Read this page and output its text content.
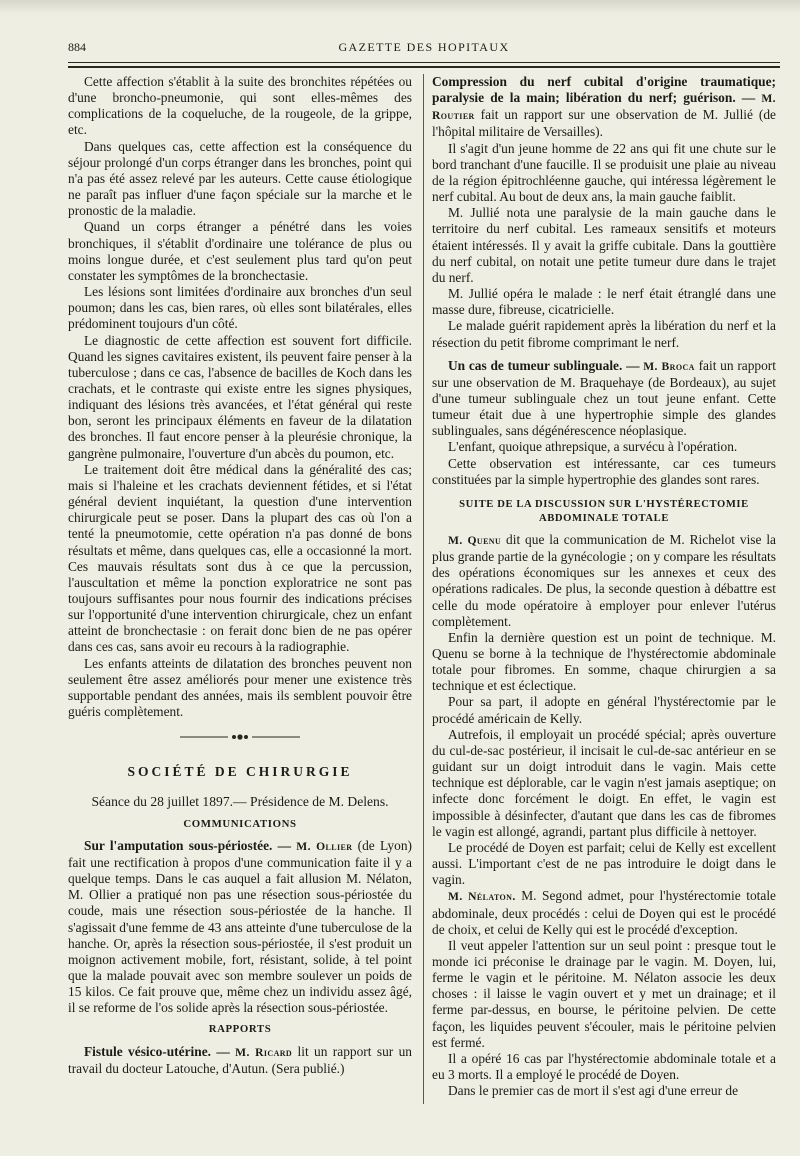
884	GAZETTE DES HOPITAUX

Cette affection s'établit à la suite des bronchites répétées ou d'une broncho-pneumonie, qui sont elles-mêmes des complications de la coqueluche, de la rougeole, de la grippe, etc.

Dans quelques cas, cette affection est la conséquence du séjour prolongé d'un corps étranger dans les bronches, point qui n'a pas été assez relevé par les auteurs. Cette cause étiologique ne paraît pas influer d'une façon spéciale sur la marche et le pronostic de la maladie.

Quand un corps étranger a pénétré dans les voies bronchiques, il s'établit d'ordinaire une tolérance de plus ou moins longue durée, et c'est seulement plus tard qu'on peut constater les symptômes de la bronchectasie.

Les lésions sont limitées d'ordinaire aux bronches d'un seul poumon; dans les cas, bien rares, où elles sont bilatérales, elles prédominent toujours d'un côté.

Le diagnostic de cette affection est souvent fort difficile. Quand les signes cavitaires existent, ils peuvent faire penser à la tuberculose ; dans ce cas, l'absence de bacilles de Koch dans les crachats, et le contraste qui existe entre les signes physiques, indiquant des lésions très avancées, et l'état général qui reste bon, seront les principaux éléments en faveur de la dilatation des bronches. Il faut encore penser à la pleurésie chronique, la gangrène pulmonaire, l'ouverture d'un abcès du poumon, etc.

Le traitement doit être médical dans la généralité des cas; mais si l'haleine et les crachats deviennent fétides, et si l'état général devient inquiétant, la question d'une intervention chirurgicale peut se poser. Dans la plupart des cas où l'on a tenté la pneumotomie, cette opération n'a pas donné de bons résultats et même, dans quelques cas, elle a occasionné la mort. Ces mauvais résultats sont dus à ce que la percussion, l'auscultation et même la ponction exploratrice ne sont pas toujours suffisantes pour nous fournir des indications précises sur l'opportunité d'une intervention chirurgicale, chez un enfant atteint de bronchectasie : on ferait donc bien de ne pas opérer dans ces cas, sans avoir eu recours à la radiographie.

Les enfants atteints de dilatation des bronches peuvent non seulement être assez améliorés pour mener une existence très supportable pendant des années, mais ils semblent pouvoir être guéris complètement.

SOCIÉTÉ DE CHIRURGIE

Séance du 28 juillet 1897.— Présidence de M. Delens.

COMMUNICATIONS

Sur l'amputation sous-périostée. — M. Ollier (de Lyon) fait une rectification à propos d'une communication faite il y a quelque temps. Dans le cas auquel a fait allusion M. Nélaton, M. Ollier a pratiqué non pas une résection sous-périostée du coude, mais une résection sous-périostée de la hanche. Il s'agissait d'une femme de 43 ans atteinte d'une tuberculose de la hanche. Or, après la résection sous-périostée, il s'est produit un moignon activement mobile, fort, résistant, solide, à tel point que la malade pouvait avec son membre soulever un poids de 15 kilos. Ce fait prouve que, même chez un individu assez âgé, il se reforme de l'os solide après la résection sous-périostée.

RAPPORTS

Fistule vésico-utérine. — M. Ricard lit un rapport sur un travail du docteur Latouche, d'Autun. (Sera publié.)

Compression du nerf cubital d'origine traumatique; paralysie de la main; libération du nerf; guérison. — M. Routier fait un rapport sur une observation de M. Jullié (de l'hôpital militaire de Versailles).

Il s'agit d'un jeune homme de 22 ans qui fit une chute sur le bord tranchant d'une faucille. Il se produisit une plaie au niveau de la région épitrochléenne gauche, qui intéressa légèrement le nerf cubital. Au bout de deux ans, la main gauche faiblit.

M. Jullié nota une paralysie de la main gauche dans le territoire du nerf cubital. Les rameaux sensitifs et moteurs étaient intéressés. Il y avait la griffe cubitale. Dans la gouttière du nerf cubital, on notait une petite tumeur dure dans le trajet du nerf.

M. Jullié opéra le malade : le nerf était étranglé dans une masse dure, fibreuse, cicatricielle.

Le malade guérit rapidement après la libération du nerf et la résection du petit fibrome comprimant le nerf.

Un cas de tumeur sublinguale. — M. Broca fait un rapport sur une observation de M. Braquehaye (de Bordeaux), au sujet d'une tumeur sublinguale chez un tout jeune enfant. Cette tumeur était due à une hypertrophie simple des glandes sublinguales, sans dégénérescence néoplasique.

L'enfant, quoique athrepsique, a survécu à l'opération.

Cette observation est intéressante, car ces tumeurs constituées par la simple hypertrophie des glandes sont rares.

SUITE DE LA DISCUSSION SUR L'HYSTÉRECTOMIE ABDOMINALE TOTALE

M. Quenu dit que la communication de M. Richelot vise la plus grande partie de la gynécologie ; on y compare les résultats des opérations économiques sur les annexes et ceux des opérations radicales. De plus, la seconde question à débattre est celle du mode opératoire à employer pour enlever l'utérus complètement.

Enfin la dernière question est un point de technique. M. Quenu se borne à la technique de l'hystérectomie abdominale totale pour fibromes. En somme, chaque chirurgien a sa technique et est éclectique.

Pour sa part, il adopte en général l'hystérectomie par le procédé américain de Kelly.

Autrefois, il employait un procédé spécial; après ouverture du cul-de-sac postérieur, il incisait le cul-de-sac antérieur en se guidant sur un doigt introduit dans le vagin. Mais cette technique est déplorable, car le vagin n'est jamais aseptique; on infecte donc forcément le doigt. En effet, le vagin est impossible à désinfecter, d'autant que dans les cas de fibromes le vagin est allongé, agrandi, partant plus difficile à nettoyer.

Le procédé de Doyen est parfait; celui de Kelly est excellent aussi. L'important c'est de ne pas introduire le doigt dans le vagin.

M. Nélaton. M. Segond admet, pour l'hystérectomie totale abdominale, deux procédés : celui de Doyen qui est le procédé de choix, et celui de Kelly qui est le procédé d'exception.

Il veut appeler l'attention sur un seul point : presque tout le monde ici préconise le drainage par le vagin. M. Doyen, lui, ferme le vagin et le péritoine. M. Nélaton associe les deux choses : il laisse le vagin ouvert et y met un drainage; et il ferme par-dessus, en bourse, le péritoine pelvien. De cette façon, les liquides peuvent s'écouler, mais le péritoine pelvien est fermé.

Il a opéré 16 cas par l'hystérectomie abdominale totale et a eu 3 morts. Il a employé le procédé de Doyen.

Dans le premier cas de mort il s'est agi d'une erreur de
